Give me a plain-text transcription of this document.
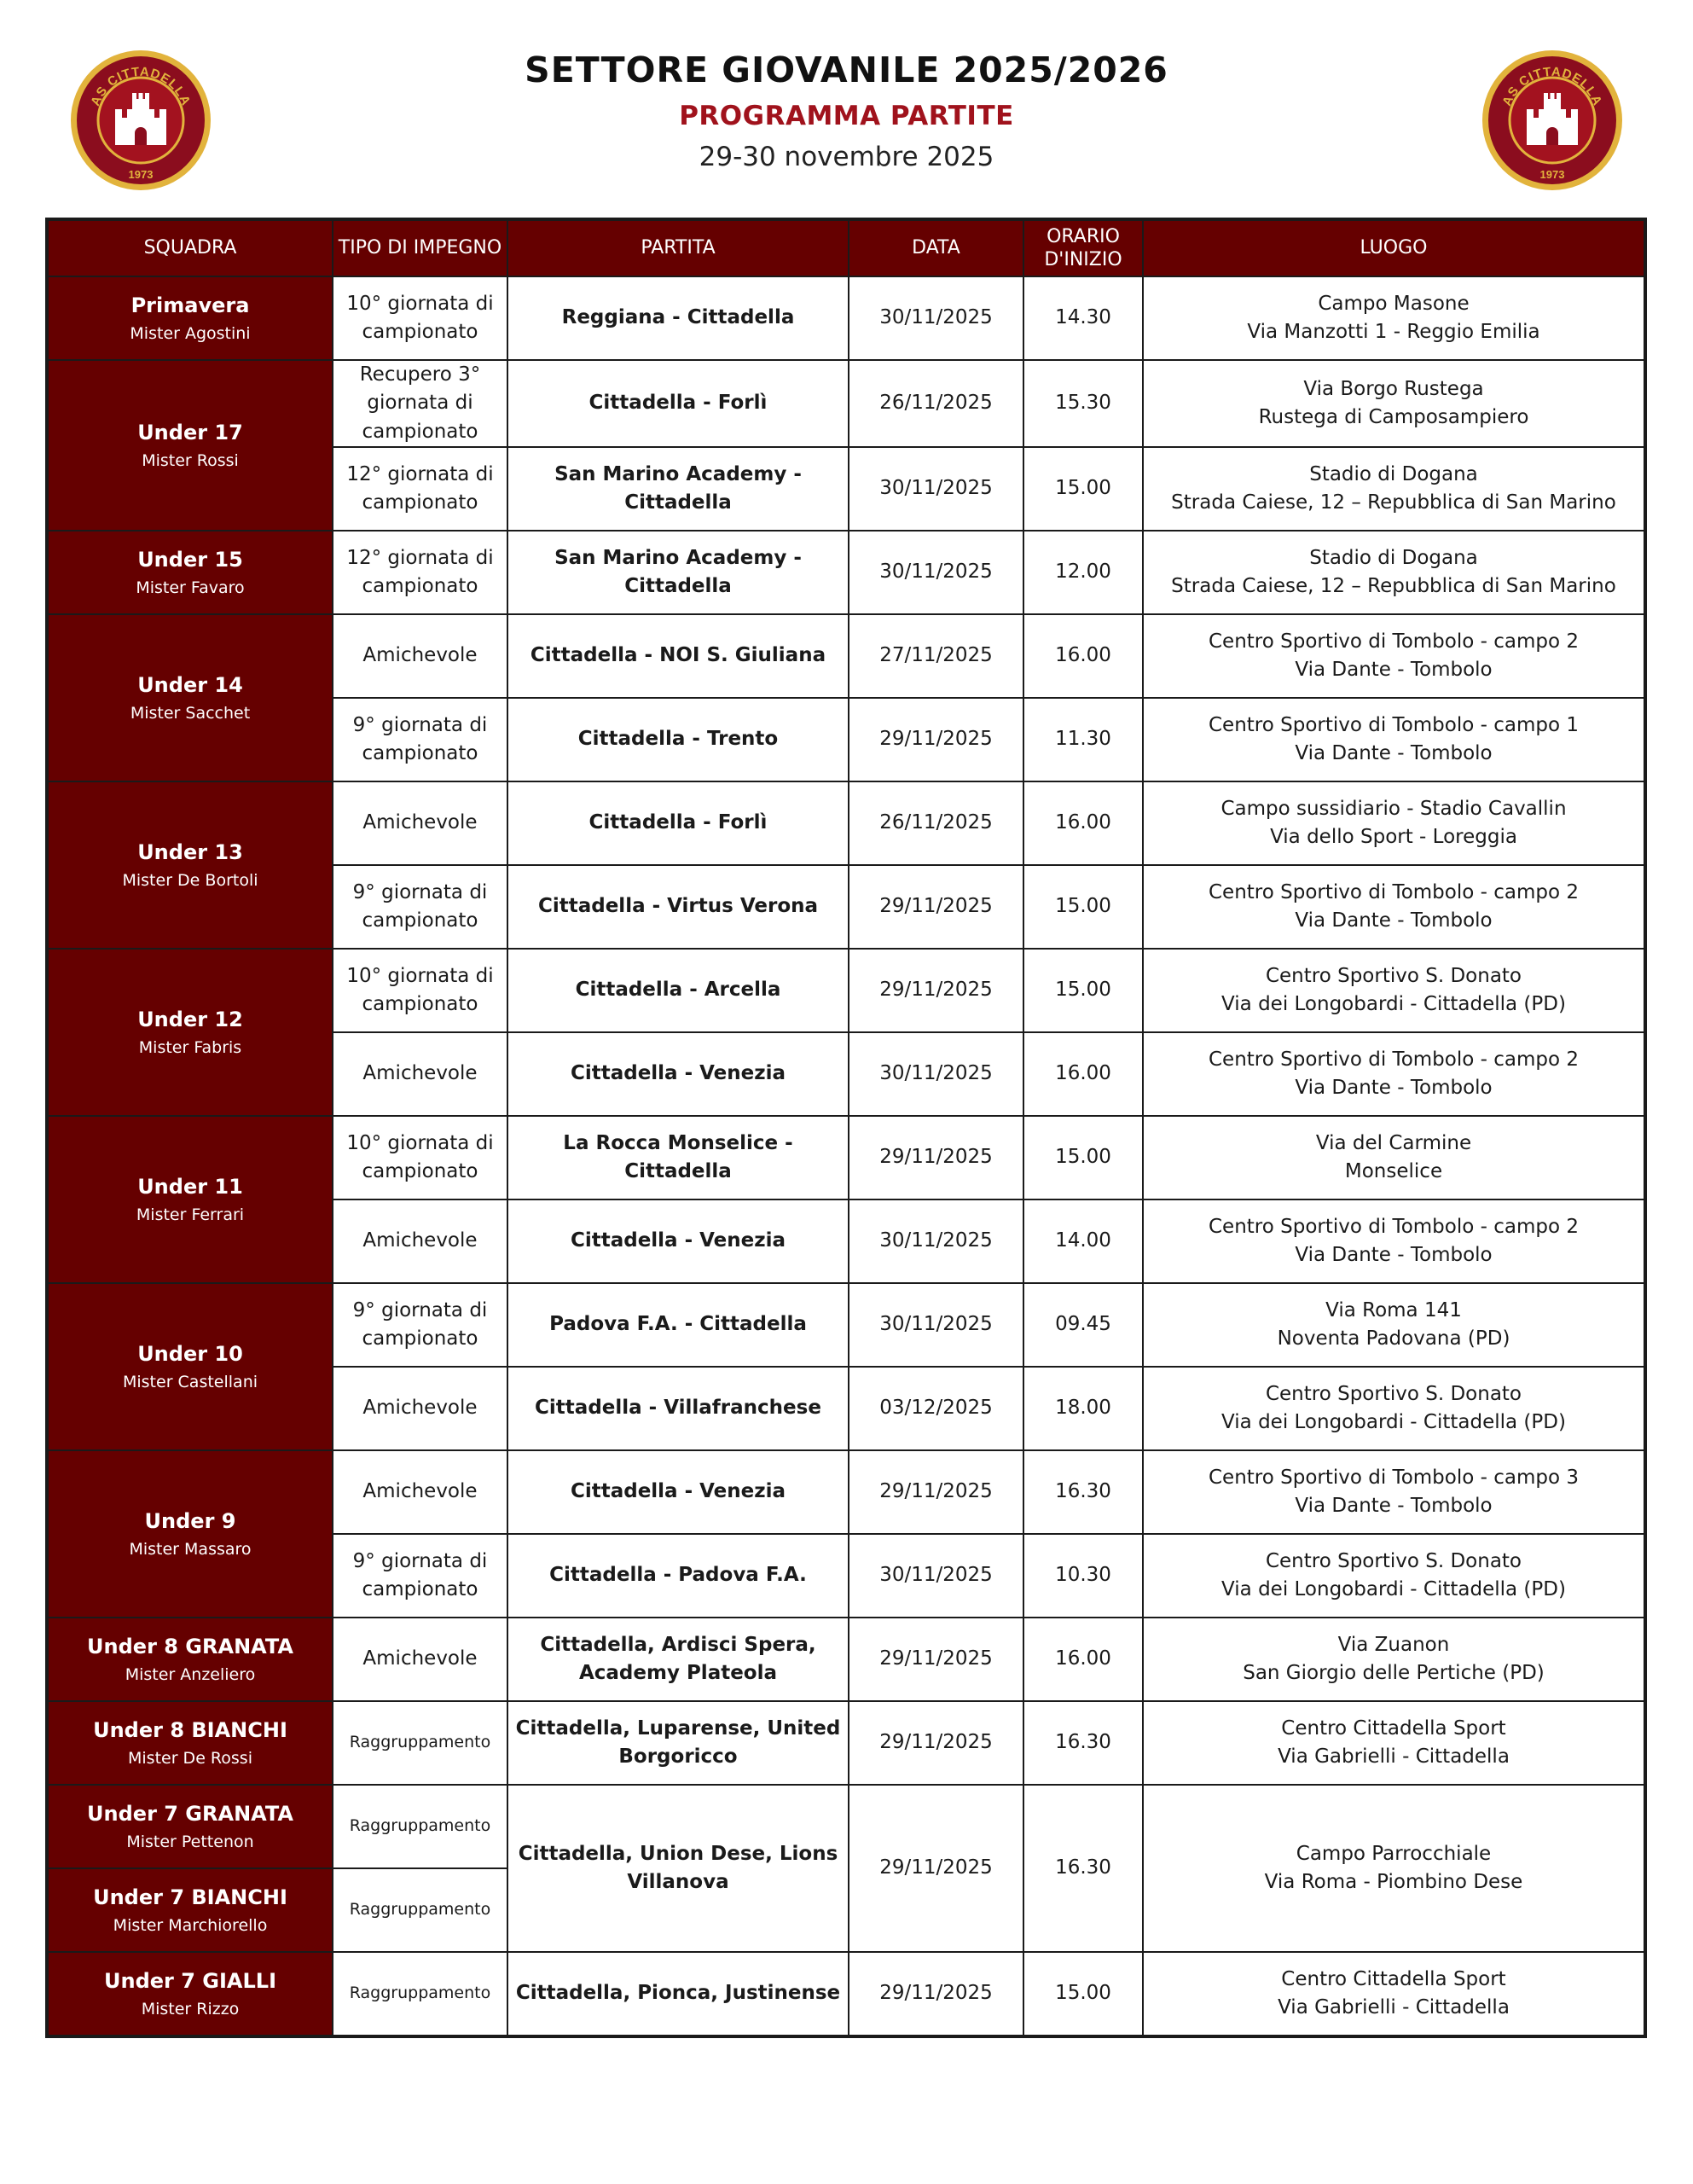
AS CITTADELLA
1973
AS CITTADELLA
1973
SETTORE GIOVANILE 2025/2026
PROGRAMMA PARTITE
29-30 novembre 2025
SQUADRA	TIPO DI IMPEGNO	PARTITA	DATA	ORARIO
D'INIZIO	LUOGO

Primavera
Mister Agostini	10° giornata di
campionato	Reggiana - Cittadella	30/11/2025	14.30	Campo Masone
Via Manzotti 1 - Reggio Emilia

Under 17
Mister Rossi	Recupero 3°
giornata di
campionato	Cittadella - Forlì	26/11/2025	15.30	Via Borgo Rustega
Rustega di Camposampiero
	12° giornata di
campionato	San Marino Academy -
Cittadella	30/11/2025	15.00	Stadio di Dogana
Strada Caiese, 12 – Repubblica di San Marino

Under 15
Mister Favaro	12° giornata di
campionato	San Marino Academy -
Cittadella	30/11/2025	12.00	Stadio di Dogana
Strada Caiese, 12 – Repubblica di San Marino

Under 14
Mister Sacchet	Amichevole	Cittadella - NOI S. Giuliana	27/11/2025	16.00	Centro Sportivo di Tombolo - campo 2
Via Dante - Tombolo
	9° giornata di
campionato	Cittadella - Trento	29/11/2025	11.30	Centro Sportivo di Tombolo - campo 1
Via Dante - Tombolo

Under 13
Mister De Bortoli	Amichevole	Cittadella - Forlì	26/11/2025	16.00	Campo sussidiario - Stadio Cavallin
Via dello Sport - Loreggia
	9° giornata di
campionato	Cittadella - Virtus Verona	29/11/2025	15.00	Centro Sportivo di Tombolo - campo 2
Via Dante - Tombolo

Under 12
Mister Fabris	10° giornata di
campionato	Cittadella - Arcella	29/11/2025	15.00	Centro Sportivo S. Donato
Via dei Longobardi - Cittadella (PD)
	Amichevole	Cittadella - Venezia	30/11/2025	16.00	Centro Sportivo di Tombolo - campo 2
Via Dante - Tombolo

Under 11
Mister Ferrari	10° giornata di
campionato	La Rocca Monselice - Cittadella	29/11/2025	15.00	Via del Carmine
Monselice
	Amichevole	Cittadella - Venezia	30/11/2025	14.00	Centro Sportivo di Tombolo - campo 2
Via Dante - Tombolo

Under 10
Mister Castellani	9° giornata di
campionato	Padova F.A. - Cittadella	30/11/2025	09.45	Via Roma 141
Noventa Padovana (PD)
	Amichevole	Cittadella - Villafranchese	03/12/2025	18.00	Centro Sportivo S. Donato
Via dei Longobardi - Cittadella (PD)

Under 9
Mister Massaro	Amichevole	Cittadella - Venezia	29/11/2025	16.30	Centro Sportivo di Tombolo - campo 3
Via Dante - Tombolo
	9° giornata di
campionato	Cittadella - Padova F.A.	30/11/2025	10.30	Centro Sportivo S. Donato
Via dei Longobardi - Cittadella (PD)

Under 8 GRANATA
Mister Anzeliero	Amichevole	Cittadella, Ardisci Spera,
Academy Plateola	29/11/2025	16.00	Via Zuanon
San Giorgio delle Pertiche (PD)

Under 8 BIANCHI
Mister De Rossi	Raggruppamento	Cittadella, Luparense, United
Borgoricco	29/11/2025	16.30	Centro Cittadella Sport
Via Gabrielli - Cittadella

Under 7 GRANATA
Mister Pettenon	Raggruppamento	Cittadella, Union Dese, Lions
Villanova	29/11/2025	16.30	Campo Parrocchiale
Via Roma - Piombino Dese

Under 7 BIANCHI
Mister Marchiorello	Raggruppamento				

Under 7 GIALLI
Mister Rizzo	Raggruppamento	Cittadella, Pionca, Justinense	29/11/2025	15.00	Centro Cittadella Sport
Via Gabrielli - Cittadella
